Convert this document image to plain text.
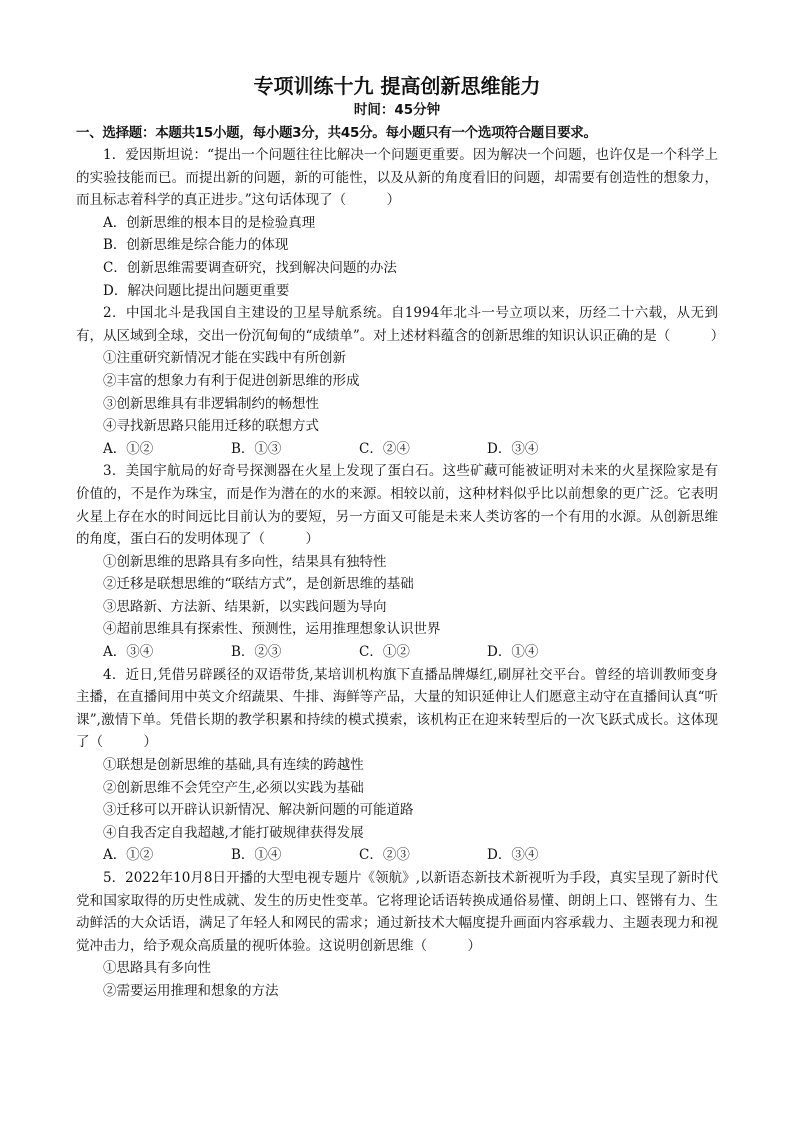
专项训练十九 提高创新思维能力

时间：45分钟

一、选择题：本题共15小题，每小题3分，共45分。每小题只有一个选项符合题目要求。

1．爱因斯坦说：“提出一个问题往往比解决一个问题更重要。因为解决一个问题，也许仅是一个科学上的实验技能而已。而提出新的问题，新的可能性，以及从新的角度看旧的问题，却需要有创造性的想象力，而且标志着科学的真正进步。”这句话体现了（　　　）

A．创新思维的根本目的是检验真理

B．创新思维是综合能力的体现

C．创新思维需要调查研究，找到解决问题的办法

D．解决问题比提出问题更重要

2．中国北斗是我国自主建设的卫星导航系统。自1994年北斗一号立项以来，历经二十六载，从无到有，从区域到全球，交出一份沉甸甸的“成绩单”。对上述材料蕴含的创新思维的知识认识正确的是（　　　）

①注重研究新情况才能在实践中有所创新

②丰富的想象力有利于促进创新思维的形成

③创新思维具有非逻辑制约的畅想性

④寻找新思路只能用迁移的联想方式

A．①②	B．①③	C．②④	D．③④

3．美国宇航局的好奇号探测器在火星上发现了蛋白石。这些矿藏可能被证明对未来的火星探险家是有价值的，不是作为珠宝，而是作为潜在的水的来源。相较以前，这种材料似乎比以前想象的更广泛。它表明火星上存在水的时间远比目前认为的要短，另一方面又可能是未来人类访客的一个有用的水源。从创新思维的角度，蛋白石的发明体现了（　　　）

①创新思维的思路具有多向性，结果具有独特性

②迁移是联想思维的“联结方式”，是创新思维的基础

③思路新、方法新、结果新，以实践问题为导向

④超前思维具有探索性、预测性，运用推理想象认识世界

A．③④	B．②③	C．①②	D．①④

4．近日,凭借另辟蹊径的双语带货,某培训机构旗下直播品牌爆红,刷屏社交平台。曾经的培训教师变身主播，在直播间用中英文介绍蔬果、牛排、海鲜等产品，大量的知识延伸让人们愿意主动守在直播间认真“听课”,激情下单。凭借长期的教学积累和持续的模式摸索，该机构正在迎来转型后的一次飞跃式成长。这体现了（　　　）

①联想是创新思维的基础,具有连续的跨越性

②创新思维不会凭空产生,必须以实践为基础

③迁移可以开辟认识新情况、解决新问题的可能道路

④自我否定自我超越,才能打破规律获得发展

A．①②	B．①④	C．②③	D．③④

5．2022年10月8日开播的大型电视专题片《领航》,以新语态新技术新视听为手段，真实呈现了新时代党和国家取得的历史性成就、发生的历史性变革。它将理论话语转换成通俗易懂、朗朗上口、铿锵有力、生动鲜活的大众话语，满足了年轻人和网民的需求；通过新技术大幅度提升画面内容承载力、主题表现力和视觉冲击力，给予观众高质量的视听体验。这说明创新思维（　　　）

①思路具有多向性

②需要运用推理和想象的方法
